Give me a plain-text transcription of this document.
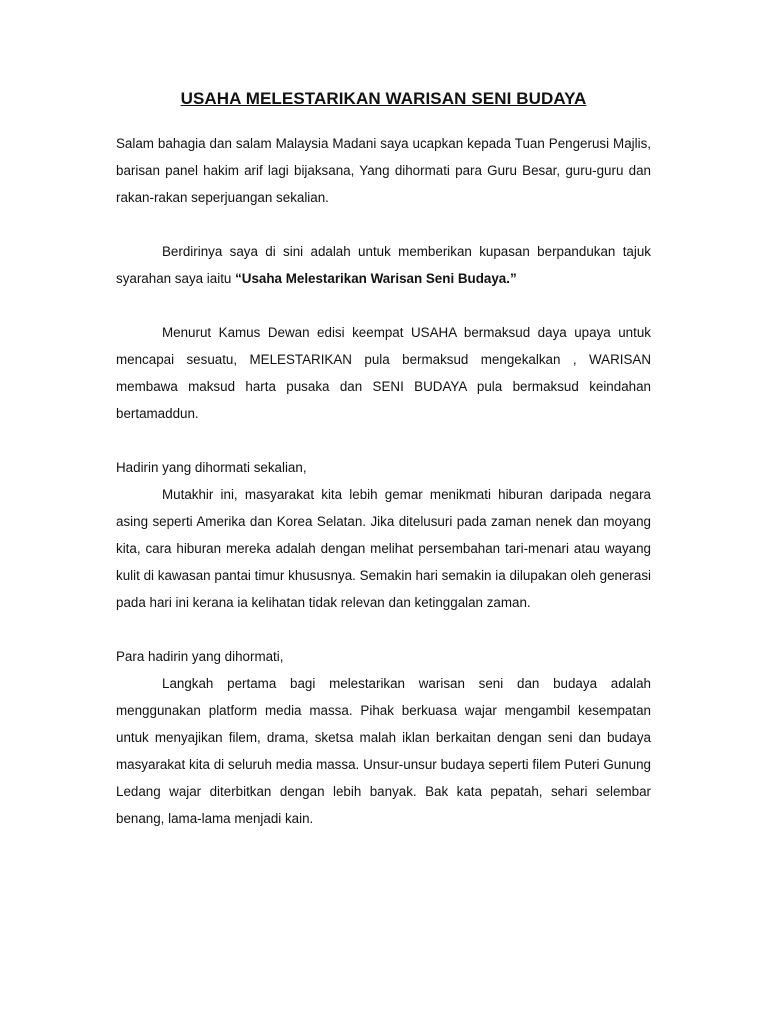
USAHA MELESTARIKAN WARISAN SENI BUDAYA

Salam bahagia dan salam Malaysia Madani saya ucapkan kepada Tuan Pengerusi Majlis, barisan panel hakim arif lagi bijaksana, Yang dihormati para Guru Besar, guru-guru dan rakan-rakan seperjuangan sekalian.

Berdirinya saya di sini adalah untuk memberikan kupasan berpandukan tajuk syarahan saya iaitu “Usaha Melestarikan Warisan Seni Budaya.”

Menurut Kamus Dewan edisi keempat USAHA bermaksud daya upaya untuk mencapai sesuatu, MELESTARIKAN pula bermaksud mengekalkan , WARISAN membawa maksud harta pusaka dan SENI BUDAYA pula bermaksud keindahan bertamaddun.

Hadirin yang dihormati sekalian,

Mutakhir ini, masyarakat kita lebih gemar menikmati hiburan daripada negara asing seperti Amerika dan Korea Selatan. Jika ditelusuri pada zaman nenek dan moyang kita, cara hiburan mereka adalah dengan melihat persembahan tari-menari atau wayang kulit di kawasan pantai timur khususnya. Semakin hari semakin ia dilupakan oleh generasi pada hari ini kerana ia kelihatan tidak relevan dan ketinggalan zaman.

Para hadirin yang dihormati,

Langkah pertama bagi melestarikan warisan seni dan budaya adalah menggunakan platform media massa. Pihak berkuasa wajar mengambil kesempatan untuk menyajikan filem, drama, sketsa malah iklan berkaitan dengan seni dan budaya masyarakat kita di seluruh media massa. Unsur-unsur budaya seperti filem Puteri Gunung Ledang wajar diterbitkan dengan lebih banyak. Bak kata pepatah, sehari selembar benang, lama-lama menjadi kain.
